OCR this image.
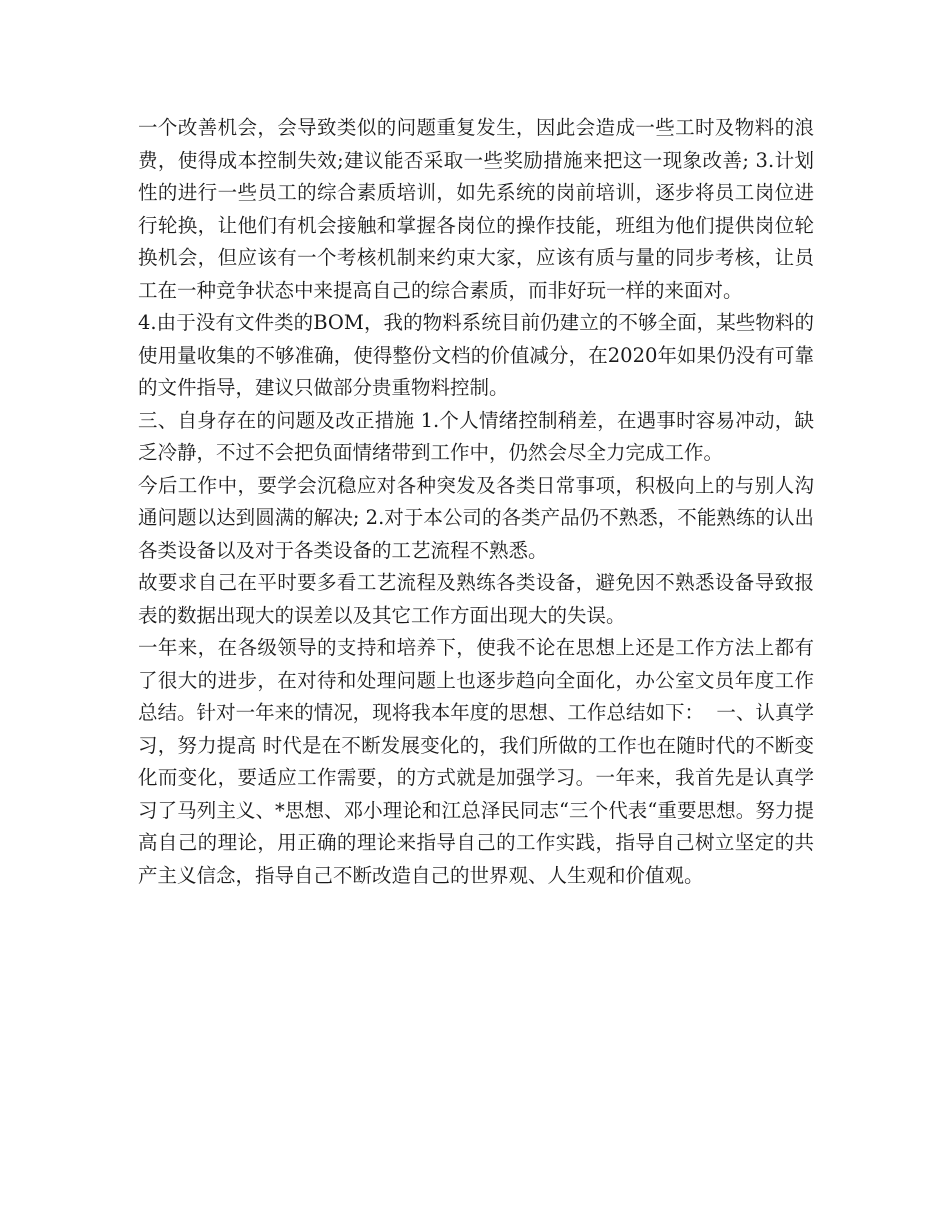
一个改善机会，会导致类似的问题重复发生，因此会造成一些工时及物料的浪费，使得成本控制失效;建议能否采取一些奖励措施来把这一现象改善; 3.计划性的进行一些员工的综合素质培训，如先系统的岗前培训，逐步将员工岗位进行轮换，让他们有机会接触和掌握各岗位的操作技能，班组为他们提供岗位轮换机会，但应该有一个考核机制来约束大家，应该有质与量的同步考核，让员工在一种竞争状态中来提高自己的综合素质，而非好玩一样的来面对。

4.由于没有文件类的BOM，我的物料系统目前仍建立的不够全面，某些物料的使用量收集的不够准确，使得整份文档的价值减分，在2020年如果仍没有可靠的文件指导，建议只做部分贵重物料控制。

三、自身存在的问题及改正措施 1.个人情绪控制稍差，在遇事时容易冲动，缺乏冷静，不过不会把负面情绪带到工作中，仍然会尽全力完成工作。

今后工作中，要学会沉稳应对各种突发及各类日常事项，积极向上的与别人沟通问题以达到圆满的解决; 2.对于本公司的各类产品仍不熟悉，不能熟练的认出各类设备以及对于各类设备的工艺流程不熟悉。

故要求自己在平时要多看工艺流程及熟练各类设备，避免因不熟悉设备导致报表的数据出现大的误差以及其它工作方面出现大的失误。

一年来，在各级领导的支持和培养下，使我不论在思想上还是工作方法上都有了很大的进步，在对待和处理问题上也逐步趋向全面化，办公室文员年度工作总结。针对一年来的情况，现将我本年度的思想、工作总结如下：  一、认真学习，努力提高 时代是在不断发展变化的，我们所做的工作也在随时代的不断变化而变化，要适应工作需要，的方式就是加强学习。一年来，我首先是认真学习了马列主义、*思想、邓小理论和江总泽民同志“三个代表“重要思想。努力提高自己的理论，用正确的理论来指导自己的工作实践，指导自己树立坚定的共产主义信念，指导自己不断改造自己的世界观、人生观和价值观。
